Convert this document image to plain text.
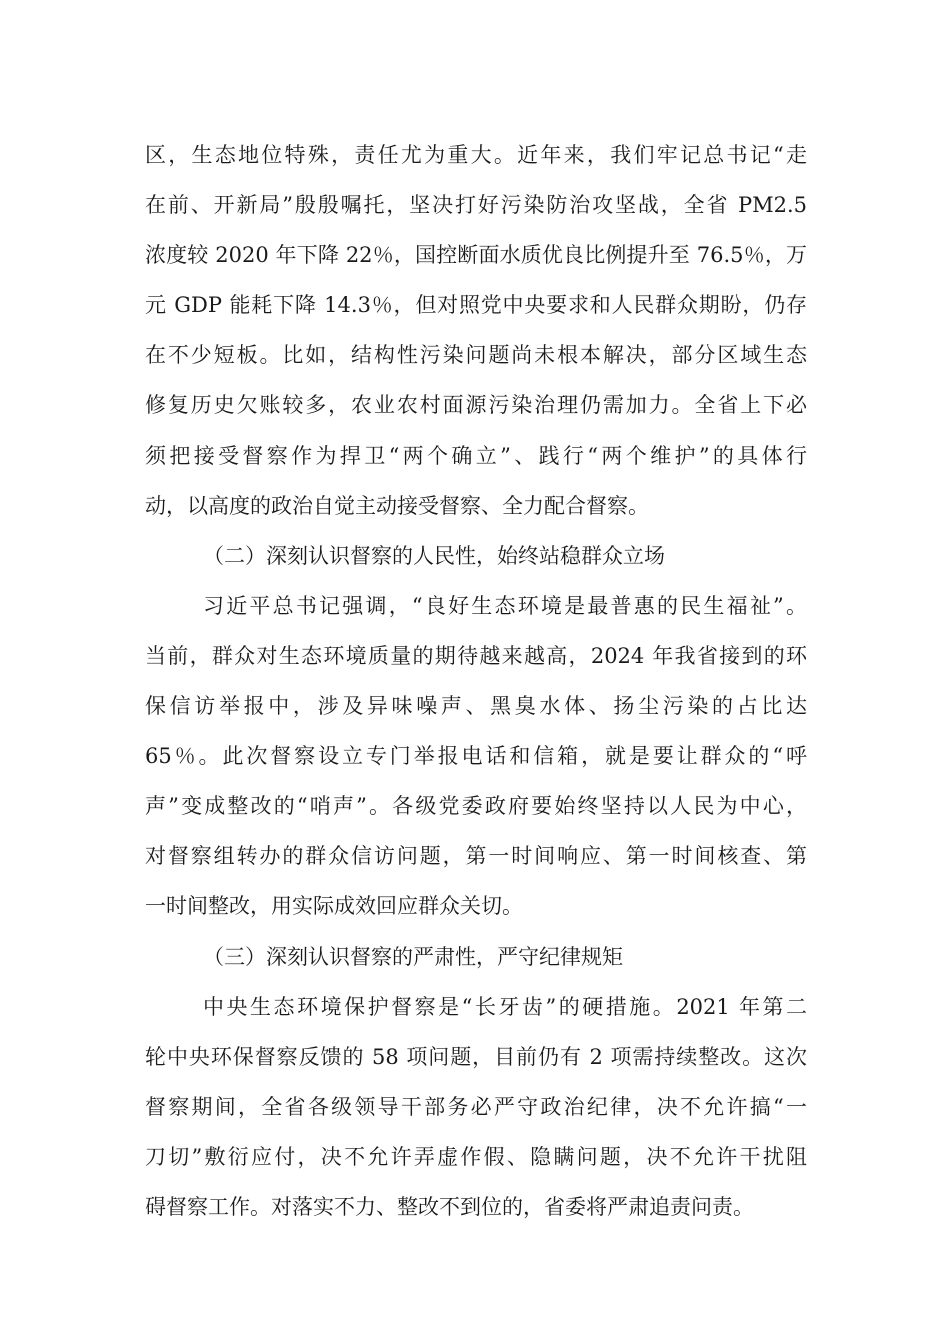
区，生态地位特殊，责任尤为重大。近年来，我们牢记总书记“走
在前、开新局”殷殷嘱托，坚决打好污染防治攻坚战，全省 PM2.5
浓度较 2020 年下降 22％，国控断面水质优良比例提升至 76.5％，万
元 GDP 能耗下降 14.3％，但对照党中央要求和人民群众期盼，仍存
在不少短板。比如，结构性污染问题尚未根本解决，部分区域生态
修复历史欠账较多，农业农村面源污染治理仍需加力。全省上下必
须把接受督察作为捍卫“两个确立”、践行“两个维护”的具体行
动，以高度的政治自觉主动接受督察、全力配合督察。
（二）深刻认识督察的人民性，始终站稳群众立场
习近平总书记强调，“良好生态环境是最普惠的民生福祉”。
当前，群众对生态环境质量的期待越来越高，2024 年我省接到的环
保信访举报中，涉及异味噪声、黑臭水体、扬尘污染的占比达
65％。此次督察设立专门举报电话和信箱，就是要让群众的“呼
声”变成整改的“哨声”。各级党委政府要始终坚持以人民为中心，
对督察组转办的群众信访问题，第一时间响应、第一时间核查、第
一时间整改，用实际成效回应群众关切。
（三）深刻认识督察的严肃性，严守纪律规矩
中央生态环境保护督察是“长牙齿”的硬措施。2021 年第二
轮中央环保督察反馈的 58 项问题，目前仍有 2 项需持续整改。这次
督察期间，全省各级领导干部务必严守政治纪律，决不允许搞“一
刀切”敷衍应付，决不允许弄虚作假、隐瞒问题，决不允许干扰阻
碍督察工作。对落实不力、整改不到位的，省委将严肃追责问责。
